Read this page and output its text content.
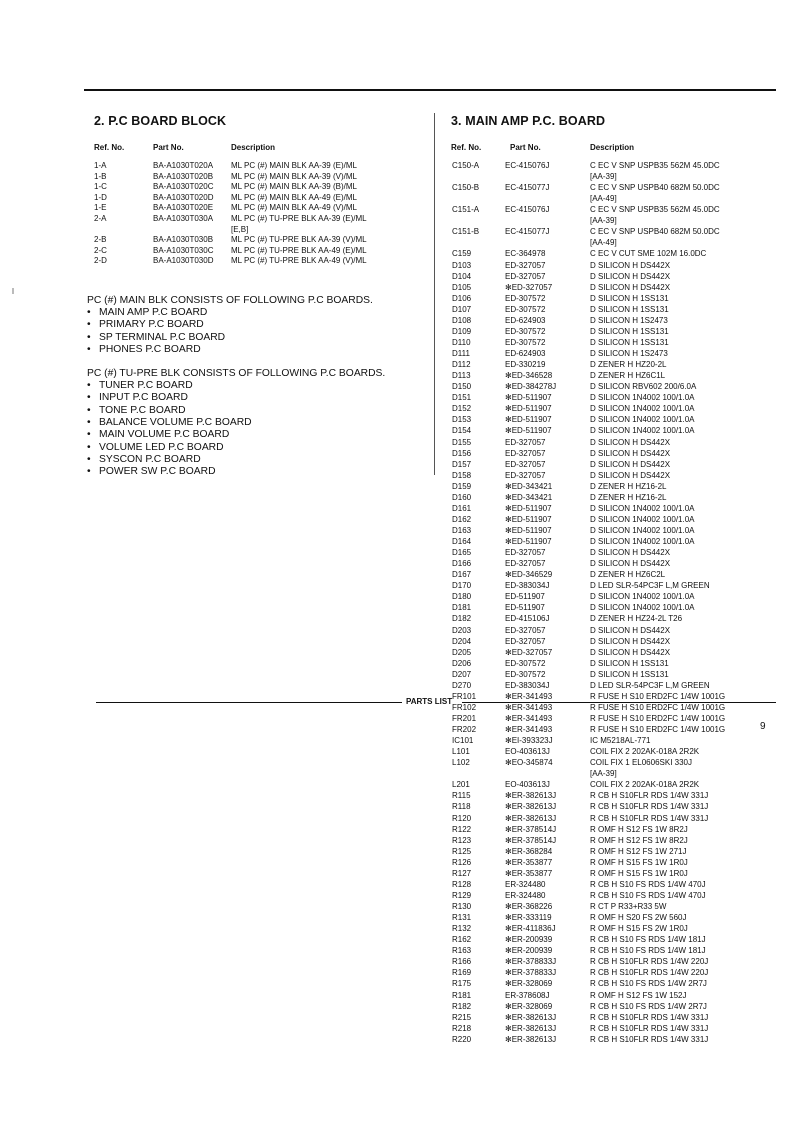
2. P.C BOARD BLOCK
Ref. No.	Part No.	Description
1-A	BA-A1030T020A ML PC (#) MAIN BLK AA-39 (E)/ML
1-B	BA-A1030T020B ML PC (#) MAIN BLK AA-39 (V)/ML
1-C	BA-A1030T020C ML PC (#) MAIN BLK AA-39 (B)/ML
1-D	BA-A1030T020D ML PC (#) MAIN BLK AA-49 (E)/ML
1-E	BA-A1030T020E ML PC (#) MAIN BLK AA-49 (V)/ML
2-A	BA-A1030T030A ML PC (#) TU-PRE BLK AA-39 (E)/ML
[E,B]
2-B	BA-A1030T030B ML PC (#) TU-PRE BLK AA-39 (V)/ML
2-C	BA-A1030T030C ML PC (#) TU-PRE BLK AA-49 (E)/ML
2-D	BA-A1030T030D ML PC (#) TU-PRE BLK AA-49 (V)/ML
PC (#) MAIN BLK CONSISTS OF FOLLOWING P.C BOARDS.
• MAIN AMP P.C BOARD
• PRIMARY P.C BOARD
• SP TERMINAL P.C BOARD
• PHONES P.C BOARD
PC (#) TU-PRE BLK CONSISTS OF FOLLOWING P.C BOARDS.
• TUNER P.C BOARD
• INPUT P.C BOARD
• TONE P.C BOARD
• BALANCE VOLUME P.C BOARD
• MAIN VOLUME P.C BOARD
• VOLUME LED P.C BOARD
• SYSCON P.C BOARD
• POWER SW P.C BOARD
3. MAIN AMP P.C. BOARD
Ref. No.	Part No.	Description
C150-A	EC-415076J	C EC V SNP USPB35 562M 45.0DC
[AA-39]
C150-B	EC-415077J	C EC V SNP USPB40 682M 50.0DC
[AA-49]
C151-A	EC-415076J	C EC V SNP USPB35 562M 45.0DC
[AA-39]
C151-B	EC-415077J	C EC V SNP USPB40 682M 50.0DC
[AA-49]
C159	EC-364978	C EC V CUT SME 102M 16.0DC
D103	ED-327057	D SILICON H DS442X
D104	ED-327057	D SILICON H DS442X
D105	✻ED-327057	D SILICON H DS442X
D106	ED-307572	D SILICON H 1SS131
D107	ED-307572	D SILICON H 1SS131
D108	ED-624903	D SILICON H 1S2473
D109	ED-307572	D SILICON H 1SS131
D110	ED-307572	D SILICON H 1SS131
D111	ED-624903	D SILICON H 1S2473
D112	ED-330219	D ZENER H HZ20-2L
D113	✻ED-346528	D ZENER H HZ6C1L
D150	✻ED-384278J	D SILICON RBV602 200/6.0A
D151	✻ED-511907	D SILICON 1N4002 100/1.0A
D152	✻ED-511907	D SILICON 1N4002 100/1.0A
D153	✻ED-511907	D SILICON 1N4002 100/1.0A
D154	✻ED-511907	D SILICON 1N4002 100/1.0A
D155	ED-327057	D SILICON H DS442X
D156	ED-327057	D SILICON H DS442X
D157	ED-327057	D SILICON H DS442X
D158	ED-327057	D SILICON H DS442X
D159	✻ED-343421	D ZENER H HZ16-2L
D160	✻ED-343421	D ZENER H HZ16-2L
D161	✻ED-511907	D SILICON 1N4002 100/1.0A
D162	✻ED-511907	D SILICON 1N4002 100/1.0A
D163	✻ED-511907	D SILICON 1N4002 100/1.0A
D164	✻ED-511907	D SILICON 1N4002 100/1.0A
D165	ED-327057	D SILICON H DS442X
D166	ED-327057	D SILICON H DS442X
D167	✻ED-346529	D ZENER H HZ6C2L
D170	ED-383034J	D LED SLR-54PC3F L,M GREEN
D180	ED-511907	D SILICON 1N4002 100/1.0A
D181	ED-511907	D SILICON 1N4002 100/1.0A
D182	ED-415106J	D ZENER H HZ24-2L T26
D203	ED-327057	D SILICON H DS442X
D204	ED-327057	D SILICON H DS442X
D205	✻ED-327057	D SILICON H DS442X
D206	ED-307572	D SILICON H 1SS131
D207	ED-307572	D SILICON H 1SS131
D270	ED-383034J	D LED SLR-54PC3F L,M GREEN
FR101	✻ER-341493	R FUSE H S10 ERD2FC 1/4W 1001G
FR102	✻ER-341493	R FUSE H S10 ERD2FC 1/4W 1001G
FR201	✻ER-341493	R FUSE H S10 ERD2FC 1/4W 1001G
FR202	✻ER-341493	R FUSE H S10 ERD2FC 1/4W 1001G
IC101	✻EI-393323J	IC M5218AL-771
L101	EO-403613J	COIL FIX 2 202AK-018A 2R2K
L102	✻EO-345874	COIL FIX 1 EL0606SKI 330J
[AA-39]
L201	EO-403613J	COIL FIX 2 202AK-018A 2R2K
R115	✻ER-382613J	R CB H S10FLR RDS 1/4W 331J
R118	✻ER-382613J	R CB H S10FLR RDS 1/4W 331J
R120	✻ER-382613J	R CB H S10FLR RDS 1/4W 331J
R122	✻ER-378514J	R OMF H S12 FS 1W 8R2J
R123	✻ER-378514J	R OMF H S12 FS 1W 8R2J
R125	✻ER-368284	R OMF H S12 FS 1W 271J
R126	✻ER-353877	R OMF H S15 FS 1W 1R0J
R127	✻ER-353877	R OMF H S15 FS 1W 1R0J
R128	ER-324480	R CB H S10 FS RDS 1/4W 470J
R129	ER-324480	R CB H S10 FS RDS 1/4W 470J
R130	✻ER-368226	R CT P R33+R33 5W
R131	✻ER-333119	R OMF H S20 FS 2W 560J
R132	✻ER-411836J	R OMF H S15 FS 2W 1R0J
R162	✻ER-200939	R CB H S10 FS RDS 1/4W 181J
R163	✻ER-200939	R CB H S10 FS RDS 1/4W 181J
R166	✻ER-378833J	R CB H S10FLR RDS 1/4W 220J
R169	✻ER-378833J	R CB H S10FLR RDS 1/4W 220J
R175	✻ER-328069	R CB H S10 FS RDS 1/4W 2R7J
R181	ER-378608J	R OMF H S12 FS 1W 152J
R182	✻ER-328069	R CB H S10 FS RDS 1/4W 2R7J
R215	✻ER-382613J	R CB H S10FLR RDS 1/4W 331J
R218	✻ER-382613J	R CB H S10FLR RDS 1/4W 331J
R220	✻ER-382613J	R CB H S10FLR RDS 1/4W 331J
PARTS LIST
9
